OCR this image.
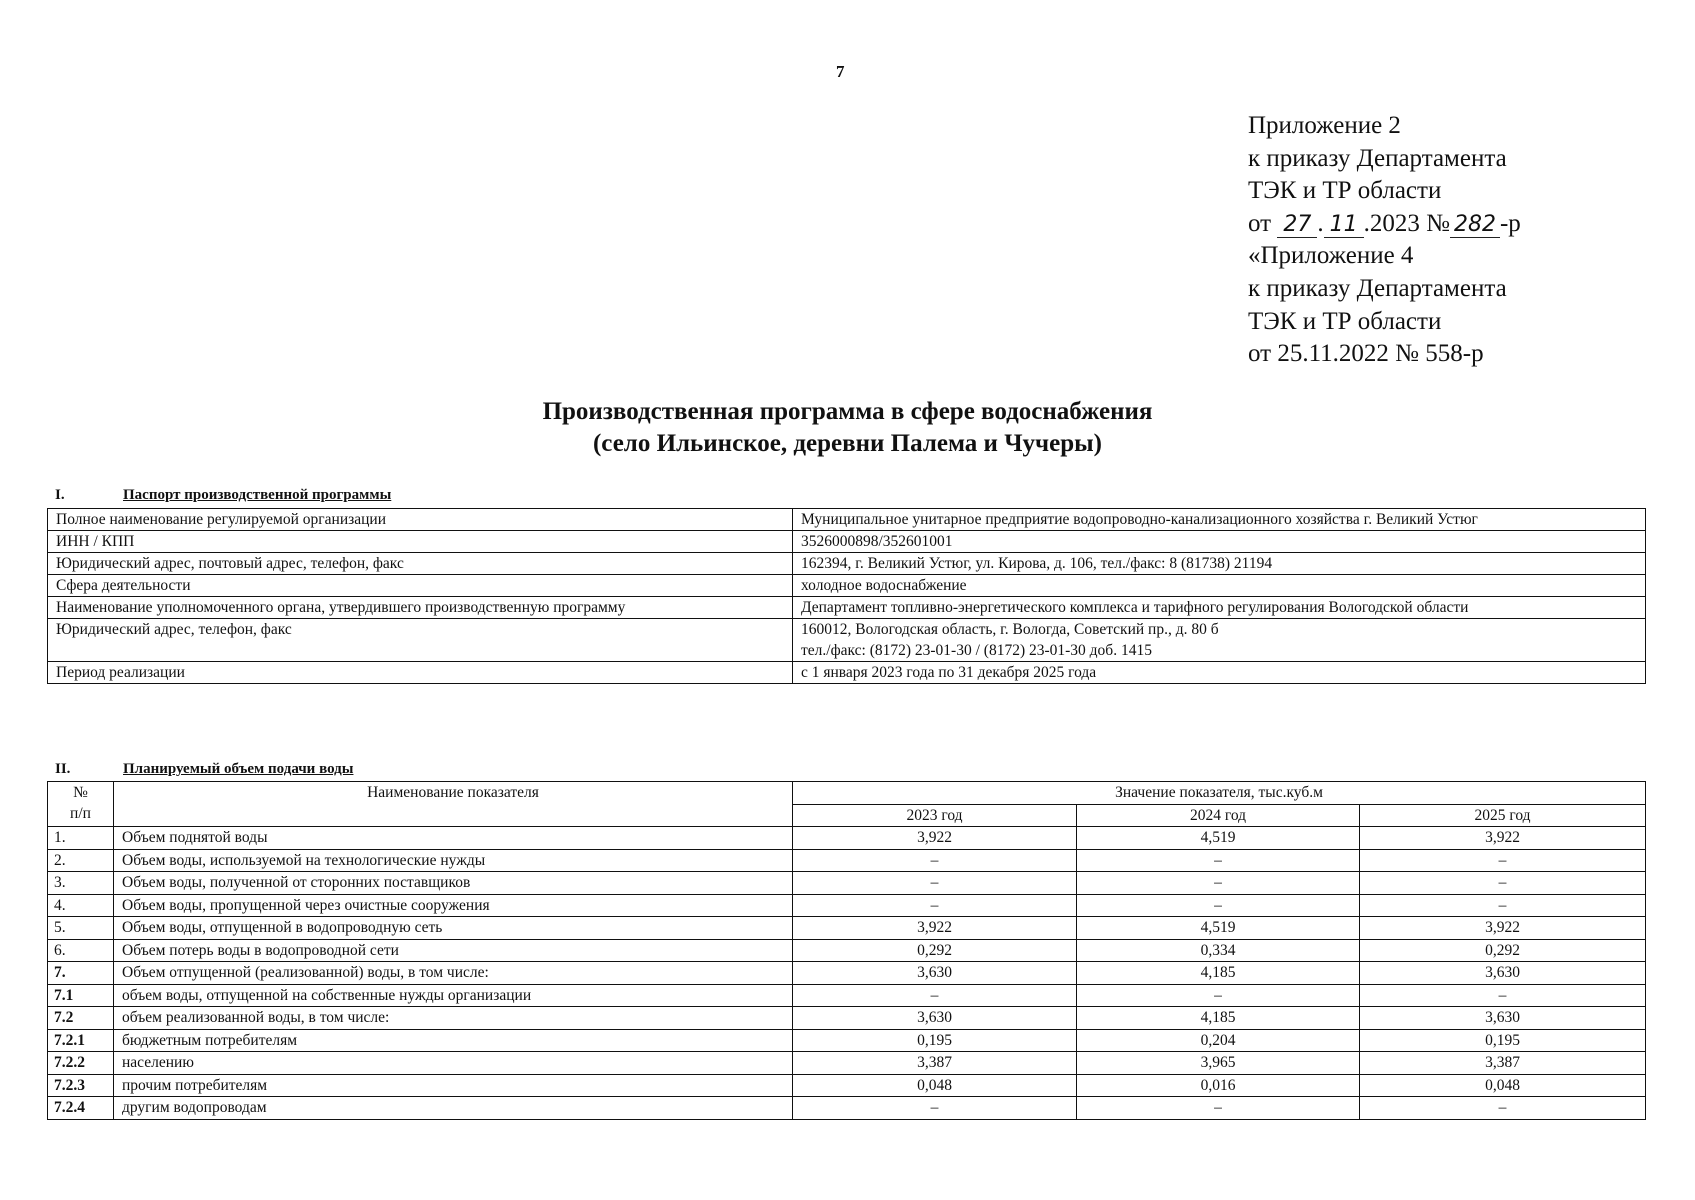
7
Приложение 2
к приказу Департамента
ТЭК и ТР области
от 27 . 11 .2023 № 282 -р
«Приложение 4
к приказу Департамента
ТЭК и ТР области
от 25.11.2022 № 558-р
Производственная программа в сфере водоснабжения
(село Ильинское, деревни Палема и Чучеры)
I.	Паспорт производственной программы
Полное наименование регулируемой организации	Муниципальное унитарное предприятие водопроводно-канализационного хозяйства г. Великий Устюг
ИНН / КПП	3526000898/352601001
Юридический адрес, почтовый адрес, телефон, факс	162394, г. Великий Устюг, ул. Кирова, д. 106, тел./факс: 8 (81738) 21194
Сфера деятельности	холодное водоснабжение
Наименование уполномоченного органа, утвердившего производственную программу	Департамент топливно-энергетического комплекса и тарифного регулирования Вологодской области
Юридический адрес, телефон, факс	160012, Вологодская область, г. Вологда, Советский пр., д. 80 б
тел./факс: (8172) 23-01-30 / (8172) 23-01-30 доб. 1415
Период реализации	с 1 января 2023 года по 31 декабря 2025 года
II.	Планируемый объем подачи воды
№
п/п	Наименование показателя	Значение показателя, тыс.куб.м		
		2023 год	2024 год	2025 год
1.	Объем поднятой воды	3,922	4,519	3,922
2.	Объем воды, используемой на технологические нужды	–	–	–
3.	Объем воды, полученной от сторонних поставщиков	–	–	–
4.	Объем воды, пропущенной через очистные сооружения	–	–	–
5.	Объем воды, отпущенной в водопроводную сеть	3,922	4,519	3,922
6.	Объем потерь воды в водопроводной сети	0,292	0,334	0,292
7.	Объем отпущенной (реализованной) воды, в том числе:	3,630	4,185	3,630
7.1	объем воды, отпущенной на собственные нужды организации	–	–	–
7.2	объем реализованной воды, в том числе:	3,630	4,185	3,630
7.2.1	бюджетным потребителям	0,195	0,204	0,195
7.2.2	населению	3,387	3,965	3,387
7.2.3	прочим потребителям	0,048	0,016	0,048
7.2.4	другим водопроводам	–	–	–
